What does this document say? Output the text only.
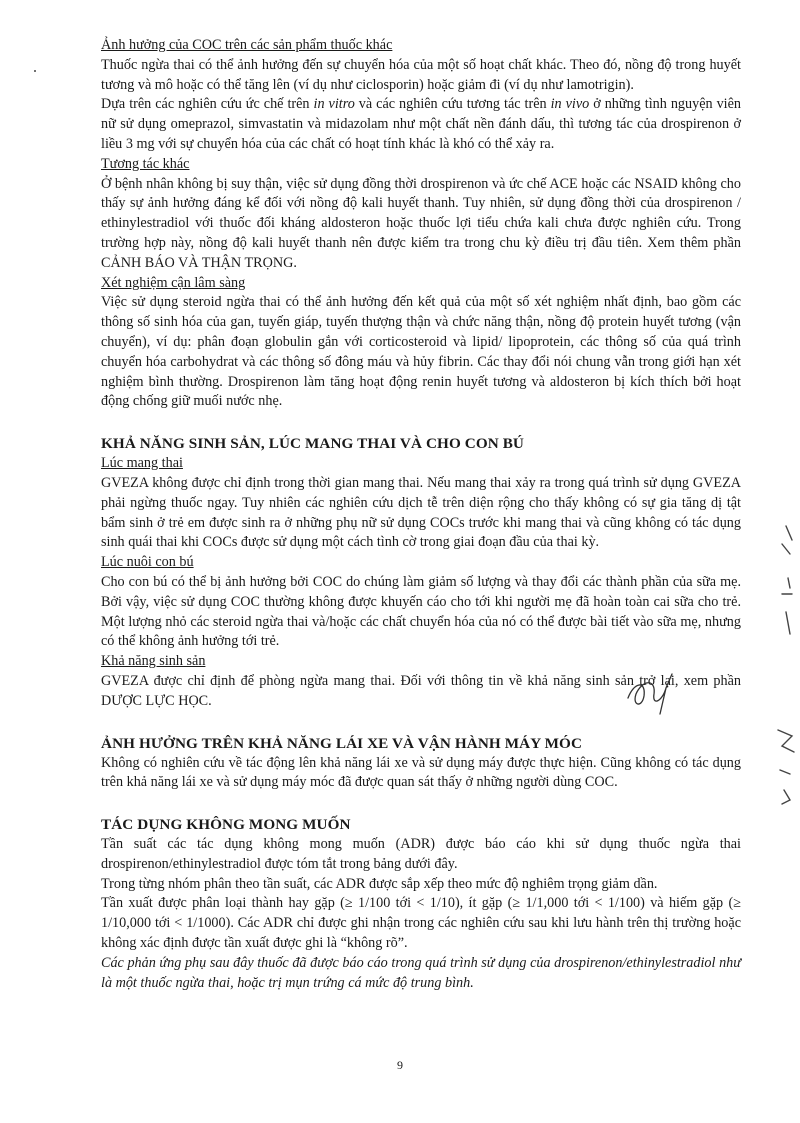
Ảnh hưởng của COC trên các sản phẩm thuốc khác

Thuốc ngừa thai có thể ảnh hưởng đến sự chuyển hóa của một số hoạt chất khác. Theo đó, nồng độ trong huyết tương và mô hoặc có thể tăng lên (ví dụ như ciclosporin) hoặc giảm đi (ví dụ như lamotrigin).

Dựa trên các nghiên cứu ức chế trên in vitro và các nghiên cứu tương tác trên in vivo ở những tình nguyện viên nữ sử dụng omeprazol, simvastatin và midazolam như một chất nền đánh dấu, thì tương tác của drospirenon ở liều 3 mg với sự chuyển hóa của các chất có hoạt tính khác là khó có thể xảy ra.

Tương tác khác

Ở bệnh nhân không bị suy thận, việc sử dụng đồng thời drospirenon và ức chế ACE hoặc các NSAID không cho thấy sự ảnh hưởng đáng kể đối với nồng độ kali huyết thanh. Tuy nhiên, sử dụng đồng thời của drospirenon / ethinylestradiol với thuốc đối kháng aldosteron hoặc thuốc lợi tiểu chứa kali chưa được nghiên cứu. Trong trường hợp này, nồng độ kali huyết thanh nên được kiểm tra trong chu kỳ điều trị đầu tiên. Xem thêm phần CẢNH BÁO VÀ THẬN TRỌNG.

Xét nghiệm cận lâm sàng

Việc sử dụng steroid ngừa thai có thể ảnh hưởng đến kết quả của một số xét nghiệm nhất định, bao gồm các thông số sinh hóa của gan, tuyến giáp, tuyến thượng thận và chức năng thận, nồng độ protein huyết tương (vận chuyển), ví dụ: phân đoạn globulin gắn với corticosteroid và lipid/ lipoprotein, các thông số của quá trình chuyển hóa carbohydrat và các thông số đông máu và hủy fibrin. Các thay đổi nói chung vẫn trong giới hạn xét nghiệm bình thường. Drospirenon làm tăng hoạt động renin huyết tương và aldosteron bị kích thích bởi hoạt động chống giữ muối nước nhẹ.

KHẢ NĂNG SINH SẢN, LÚC MANG THAI VÀ CHO CON BÚ

Lúc mang thai

GVEZA không được chỉ định trong thời gian mang thai. Nếu mang thai xảy ra trong quá trình sử dụng GVEZA phải ngừng thuốc ngay. Tuy nhiên các nghiên cứu dịch tễ trên diện rộng cho thấy không có sự gia tăng dị tật bẩm sinh ở trẻ em được sinh ra ở những phụ nữ sử dụng COCs trước khi mang thai và cũng không có tác dụng sinh quái thai khi COCs được sử dụng một cách tình cờ trong giai đoạn đầu của thai kỳ.

Lúc nuôi con bú

Cho con bú có thể bị ảnh hưởng bởi COC do chúng làm giảm số lượng và thay đổi các thành phần của sữa mẹ. Bởi vậy, việc sử dụng COC thường không được khuyến cáo cho tới khi người mẹ đã hoàn toàn cai sữa cho trẻ. Một lượng nhỏ các steroid ngừa thai và/hoặc các chất chuyển hóa của nó có thể được bài tiết vào sữa mẹ, nhưng có thể không ảnh hưởng tới trẻ.

Khả năng sinh sản

GVEZA được chỉ định để phòng ngừa mang thai. Đối với thông tin về khả năng sinh sản trở lại, xem phần DƯỢC LỰC HỌC.

ẢNH HƯỞNG TRÊN KHẢ NĂNG LÁI XE VÀ VẬN HÀNH MÁY MÓC

Không có nghiên cứu về tác động lên khả năng lái xe và sử dụng máy được thực hiện. Cũng không có tác dụng trên khả năng lái xe và sử dụng máy móc đã được quan sát thấy ở những người dùng COC.

TÁC DỤNG KHÔNG MONG MUỐN

Tần suất các tác dụng không mong muốn (ADR) được báo cáo khi sử dụng thuốc ngừa thai drospirenon/ethinylestradiol được tóm tắt trong bảng dưới đây.

Trong từng nhóm phân theo tần suất, các ADR được sắp xếp theo mức độ nghiêm trọng giảm dần.

Tần xuất được phân loại thành hay gặp (≥ 1/100 tới < 1/10), ít gặp (≥ 1/1,000 tới < 1/100) và hiếm gặp (≥ 1/10,000 tới < 1/1000). Các ADR chỉ được ghi nhận trong các nghiên cứu sau khi lưu hành trên thị trường hoặc không xác định được tần xuất được ghi là “không rõ”.

Các phản ứng phụ sau đây thuốc đã được báo cáo trong quá trình sử dụng của drospirenon/ethinylestradiol như là một thuốc ngừa thai, hoặc trị mụn trứng cá mức độ trung bình.

9
